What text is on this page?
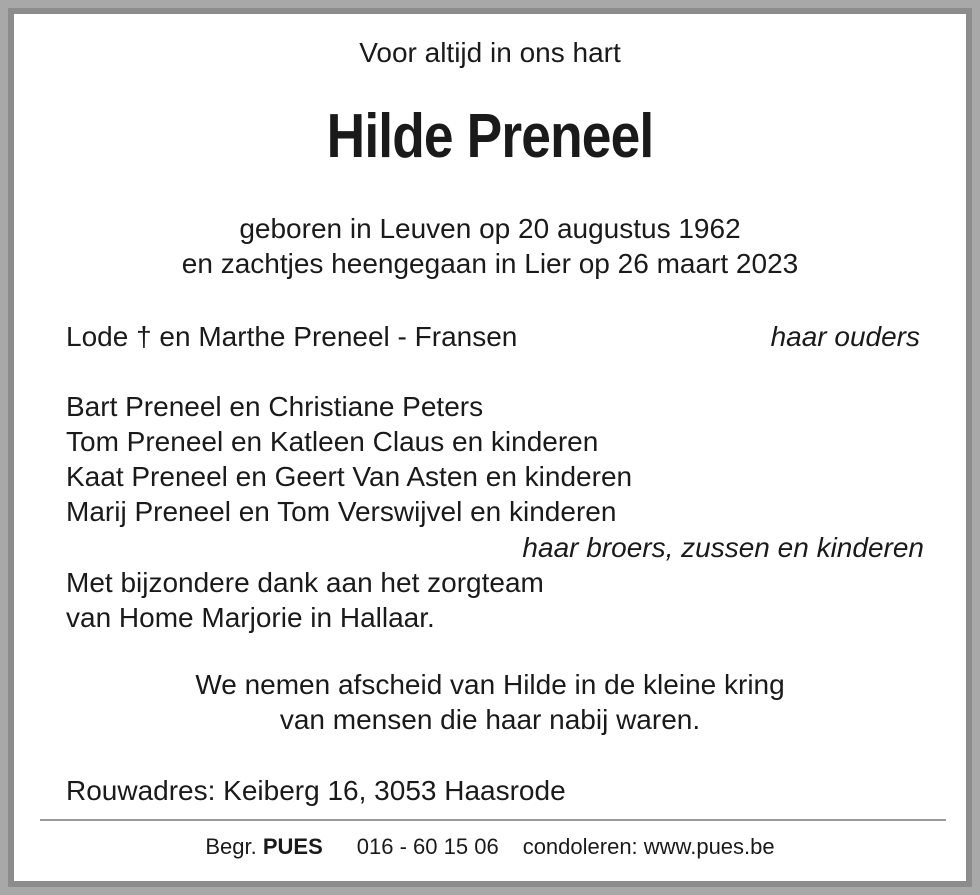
Voor altijd in ons hart
Hilde Preneel
geboren in Leuven op 20 augustus 1962
en zachtjes heengegaan in Lier op 26 maart 2023
Lode † en Marthe Preneel - Fransen	haar ouders
Bart Preneel en Christiane Peters
Tom Preneel en Katleen Claus en kinderen
Kaat Preneel en Geert Van Asten en kinderen
Marij Preneel en Tom Verswijvel en kinderen
haar broers, zussen en kinderen
Met bijzondere dank aan het zorgteam
van Home Marjorie in Hallaar.
We nemen afscheid van Hilde in de kleine kring
van mensen die haar nabij waren.
Rouwadres: Keiberg 16, 3053 Haasrode
Begr. PUES 016 - 60 15 06 condoleren: www.pues.be
